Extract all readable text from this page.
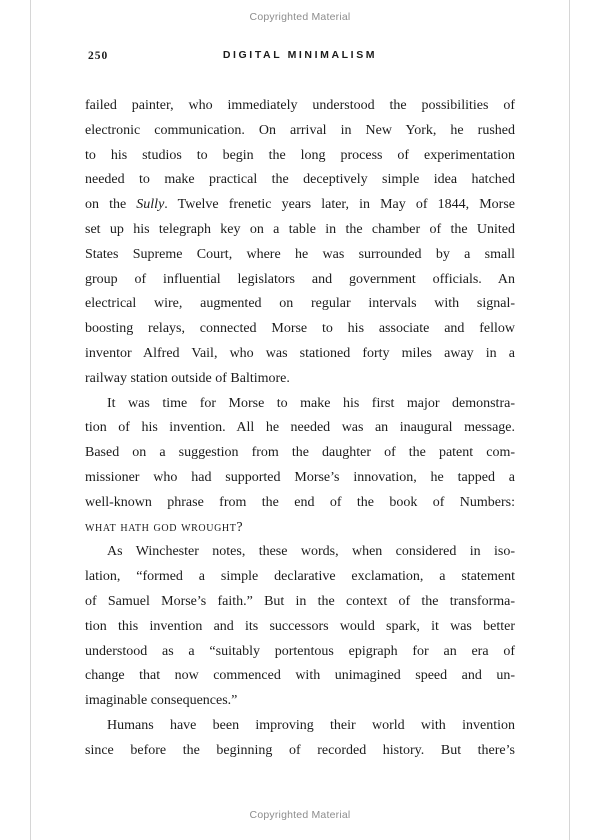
Copyrighted Material
250	DIGITAL MINIMALISM
failed painter, who immediately understood the possibilities of
electronic communication. On arrival in New York, he rushed
to his studios to begin the long process of experimentation
needed to make practical the deceptively simple idea hatched
on the Sully. Twelve frenetic years later, in May of 1844, Morse
set up his telegraph key on a table in the chamber of the United
States Supreme Court, where he was surrounded by a small
group of influential legislators and government officials. An
electrical wire, augmented on regular intervals with signal-
boosting relays, connected Morse to his associate and fellow
inventor Alfred Vail, who was stationed forty miles away in a
railway station outside of Baltimore.
It was time for Morse to make his first major demonstra-
tion of his invention. All he needed was an inaugural message.
Based on a suggestion from the daughter of the patent com-
missioner who had supported Morse’s innovation, he tapped a
well-known phrase from the end of the book of Numbers:
what hath god wrought?
As Winchester notes, these words, when considered in iso-
lation, “formed a simple declarative exclamation, a statement
of Samuel Morse’s faith.” But in the context of the transforma-
tion this invention and its successors would spark, it was better
understood as a “suitably portentous epigraph for an era of
change that now commenced with unimagined speed and un-
imaginable consequences.”
Humans have been improving their world with invention
since before the beginning of recorded history. But there’s
Copyrighted Material
